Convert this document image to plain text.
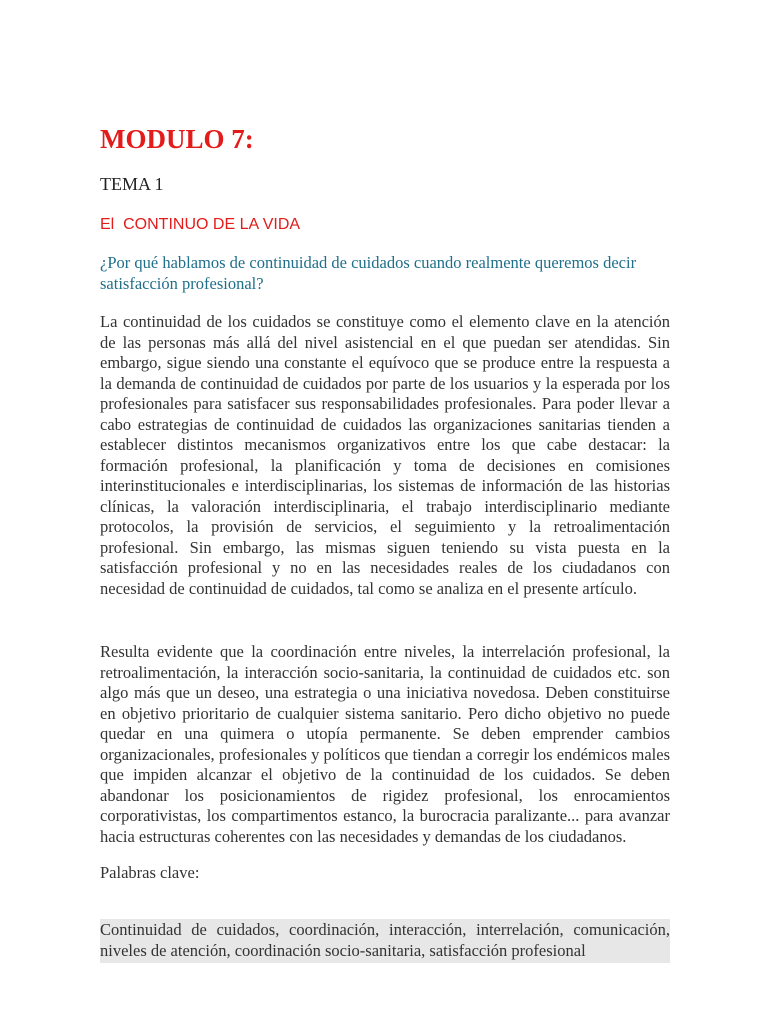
MODULO 7:

TEMA 1

El  CONTINUO DE LA VIDA

¿Por qué hablamos de continuidad de cuidados cuando realmente queremos decir satisfacción profesional?

La continuidad de los cuidados se constituye como el elemento clave en la atención de las personas más allá del nivel asistencial en el que puedan ser atendidas. Sin embargo, sigue siendo una constante el equívoco que se produce entre la respuesta a la demanda de continuidad de cuidados por parte de los usuarios y la esperada por los profesionales para satisfacer sus responsabilidades profesionales. Para poder llevar a cabo estrategias de continuidad de cuidados las organizaciones sanitarias tienden a establecer distintos mecanismos organizativos entre los que cabe destacar: la formación profesional, la planificación y toma de decisiones en comisiones interinstitucionales e interdisciplinarias, los sistemas de información de las historias clínicas, la valoración interdisciplinaria, el trabajo interdisciplinario mediante protocolos, la provisión de servicios, el seguimiento y la retroalimentación profesional. Sin embargo, las mismas siguen teniendo su vista puesta en la satisfacción profesional y no en las necesidades reales de los ciudadanos con necesidad de continuidad de cuidados, tal como se analiza en el presente artículo.

Resulta evidente que la coordinación entre niveles, la interrelación profesional, la retroalimentación, la interacción socio-sanitaria, la continuidad de cuidados etc. son algo más que un deseo, una estrategia o una iniciativa novedosa. Deben constituirse en objetivo prioritario de cualquier sistema sanitario. Pero dicho objetivo no puede quedar en una quimera o utopía permanente. Se deben emprender cambios organizacionales, profesionales y políticos que tiendan a corregir los endémicos males que impiden alcanzar el objetivo de la continuidad de los cuidados. Se deben abandonar los posicionamientos de rigidez profesional, los enrocamientos corporativistas, los compartimentos estanco, la burocracia paralizante... para avanzar hacia estructuras coherentes con las necesidades y demandas de los ciudadanos.

Palabras clave:

Continuidad de cuidados, coordinación, interacción, interrelación, comunicación, niveles de atención, coordinación socio-sanitaria, satisfacción profesional
